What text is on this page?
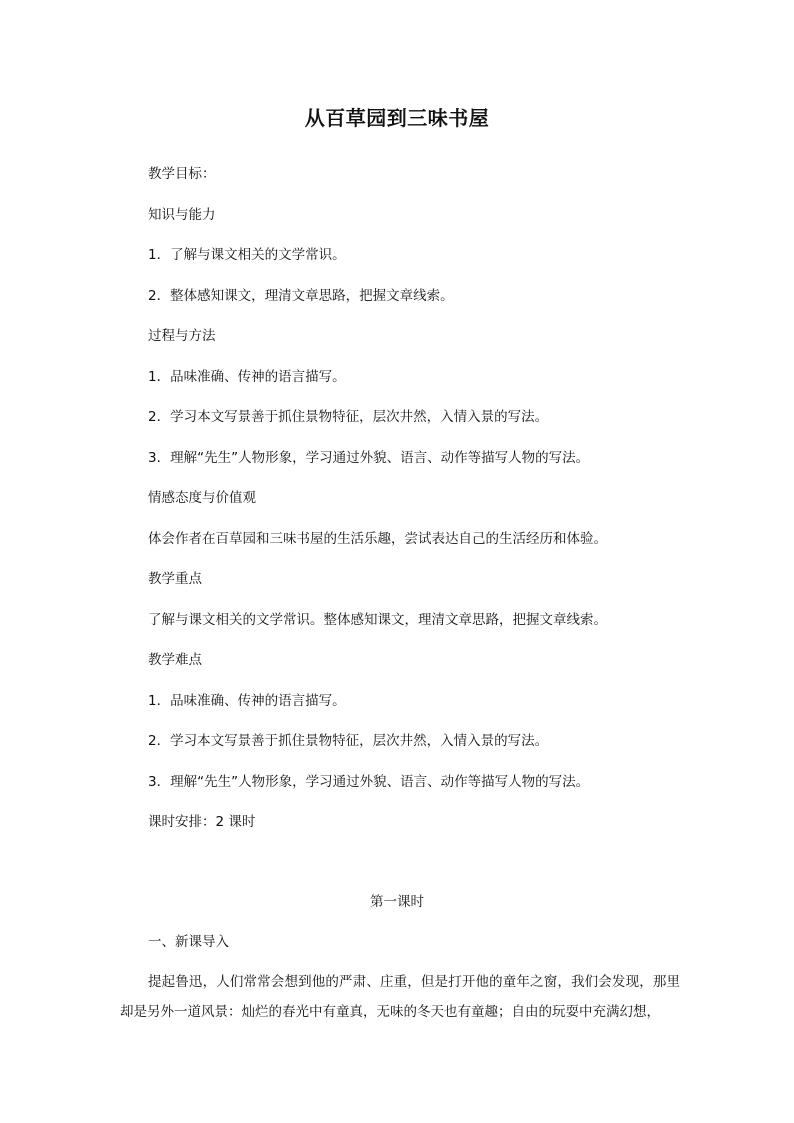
从百草园到三味书屋
教学目标：
知识与能力
1．了解与课文相关的文学常识。
2．整体感知课文，理清文章思路，把握文章线索。
过程与方法
1．品味准确、传神的语言描写。
2．学习本文写景善于抓住景物特征，层次井然，入情入景的写法。
3．理解“先生”人物形象，学习通过外貌、语言、动作等描写人物的写法。
情感态度与价值观
体会作者在百草园和三味书屋的生活乐趣，尝试表达自己的生活经历和体验。
教学重点
了解与课文相关的文学常识。整体感知课文，理清文章思路，把握文章线索。
教学难点
1．品味准确、传神的语言描写。
2．学习本文写景善于抓住景物特征，层次井然，入情入景的写法。
3．理解“先生”人物形象，学习通过外貌、语言、动作等描写人物的写法。
课时安排：2 课时
第一课时
一、新课导入
提起鲁迅，人们常常会想到他的严肃、庄重，但是打开他的童年之窗，我们会发现，那里却是另外一道风景：灿烂的春光中有童真，无味的冬天也有童趣；自由的玩耍中充满幻想，
